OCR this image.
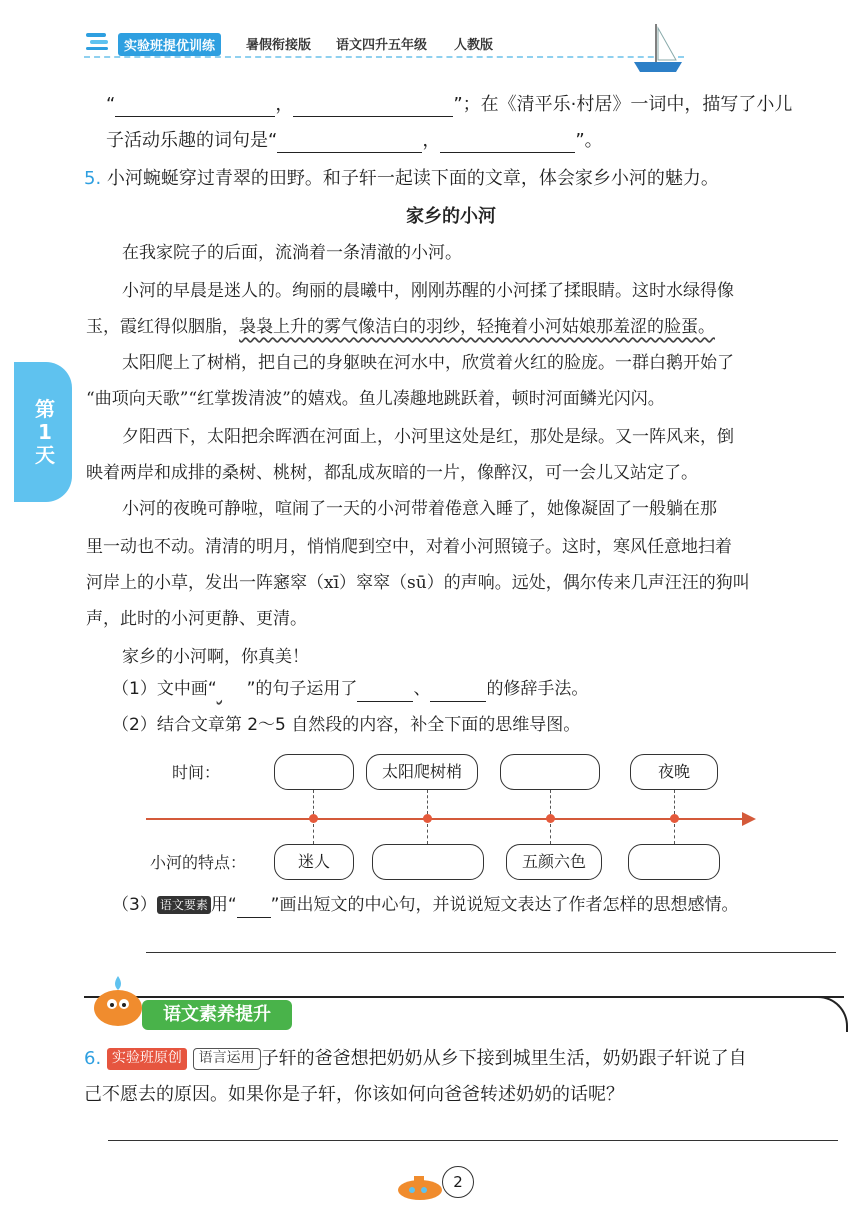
实验班提优训练	暑假衔接版 语文四升五年级 人教版
“	，	”；在《清平乐·村居》一词中，描写了小儿
子活动乐趣的词句是“	，	”。
5. 小河蜿蜒穿过青翠的田野。和子轩一起读下面的文章，体会家乡小河的魅力。
家乡的小河
在我家院子的后面，流淌着一条清澈的小河。
小河的早晨是迷人的。绚丽的晨曦中，刚刚苏醒的小河揉了揉眼睛。这时水绿得像
玉，霞红得似胭脂，袅袅上升的雾气像洁白的羽纱，轻掩着小河姑娘那羞涩的脸蛋。
太阳爬上了树梢，把自己的身躯映在河水中，欣赏着火红的脸庞。一群白鹅开始了
“曲项向天歌”“红掌拨清波”的嬉戏。鱼儿凑趣地跳跃着，顿时河面鳞光闪闪。
夕阳西下，太阳把余晖洒在河面上，小河里这处是红，那处是绿。又一阵风来，倒
映着两岸和成排的桑树、桃树，都乱成灰暗的一片，像醉汉，可一会儿又站定了。
小河的夜晚可静啦，喧闹了一天的小河带着倦意入睡了，她像凝固了一般躺在那
里一动也不动。清清的明月，悄悄爬到空中，对着小河照镜子。这时，寒风任意地扫着
河岸上的小草，发出一阵窸窣（xī）窣窣（sū）的声响。远处，偶尔传来几声汪汪的狗叫
声，此时的小河更静、更清。
家乡的小河啊，你真美！
第
1
天
（1）文中画“ ”的句子运用了	、	的修辞手法。
（2）结合文章第 2～5 自然段的内容，补全下面的思维导图。
时间：
小河的特点：
太阳爬树梢	夜晚
迷人	五颜六色
（3） 语文要素 用“ ”画出短文的中心句，并说说短文表达了作者怎样的思想感情。
语文素养提升
6. 实验班原创 语言运用 子轩的爸爸想把奶奶从乡下接到城里生活，奶奶跟子轩说了自
己不愿去的原因。如果你是子轩，你该如何向爸爸转述奶奶的话呢？
2
